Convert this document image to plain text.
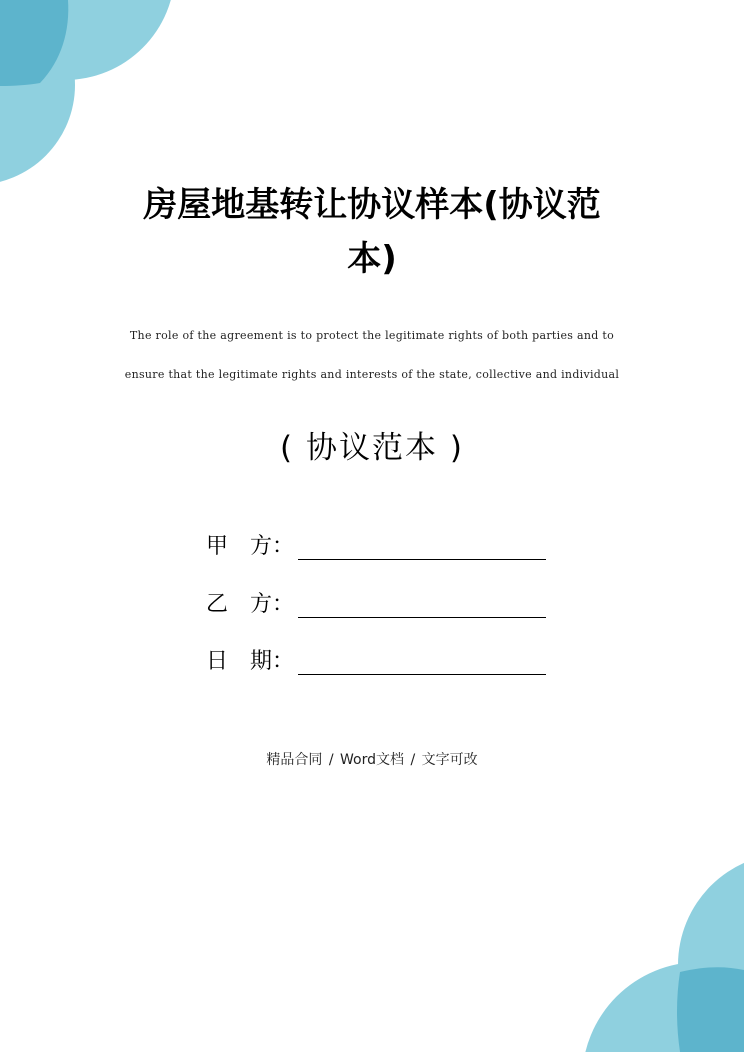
房屋地基转让协议样本(协议范
本)
The role of the agreement is to protect the legitimate rights of both parties and to
ensure that the legitimate rights and interests of the state, collective and individual
( 协议范本 )
甲　方：
乙　方：
日　期：
精品合同 / Word文档 / 文字可改
